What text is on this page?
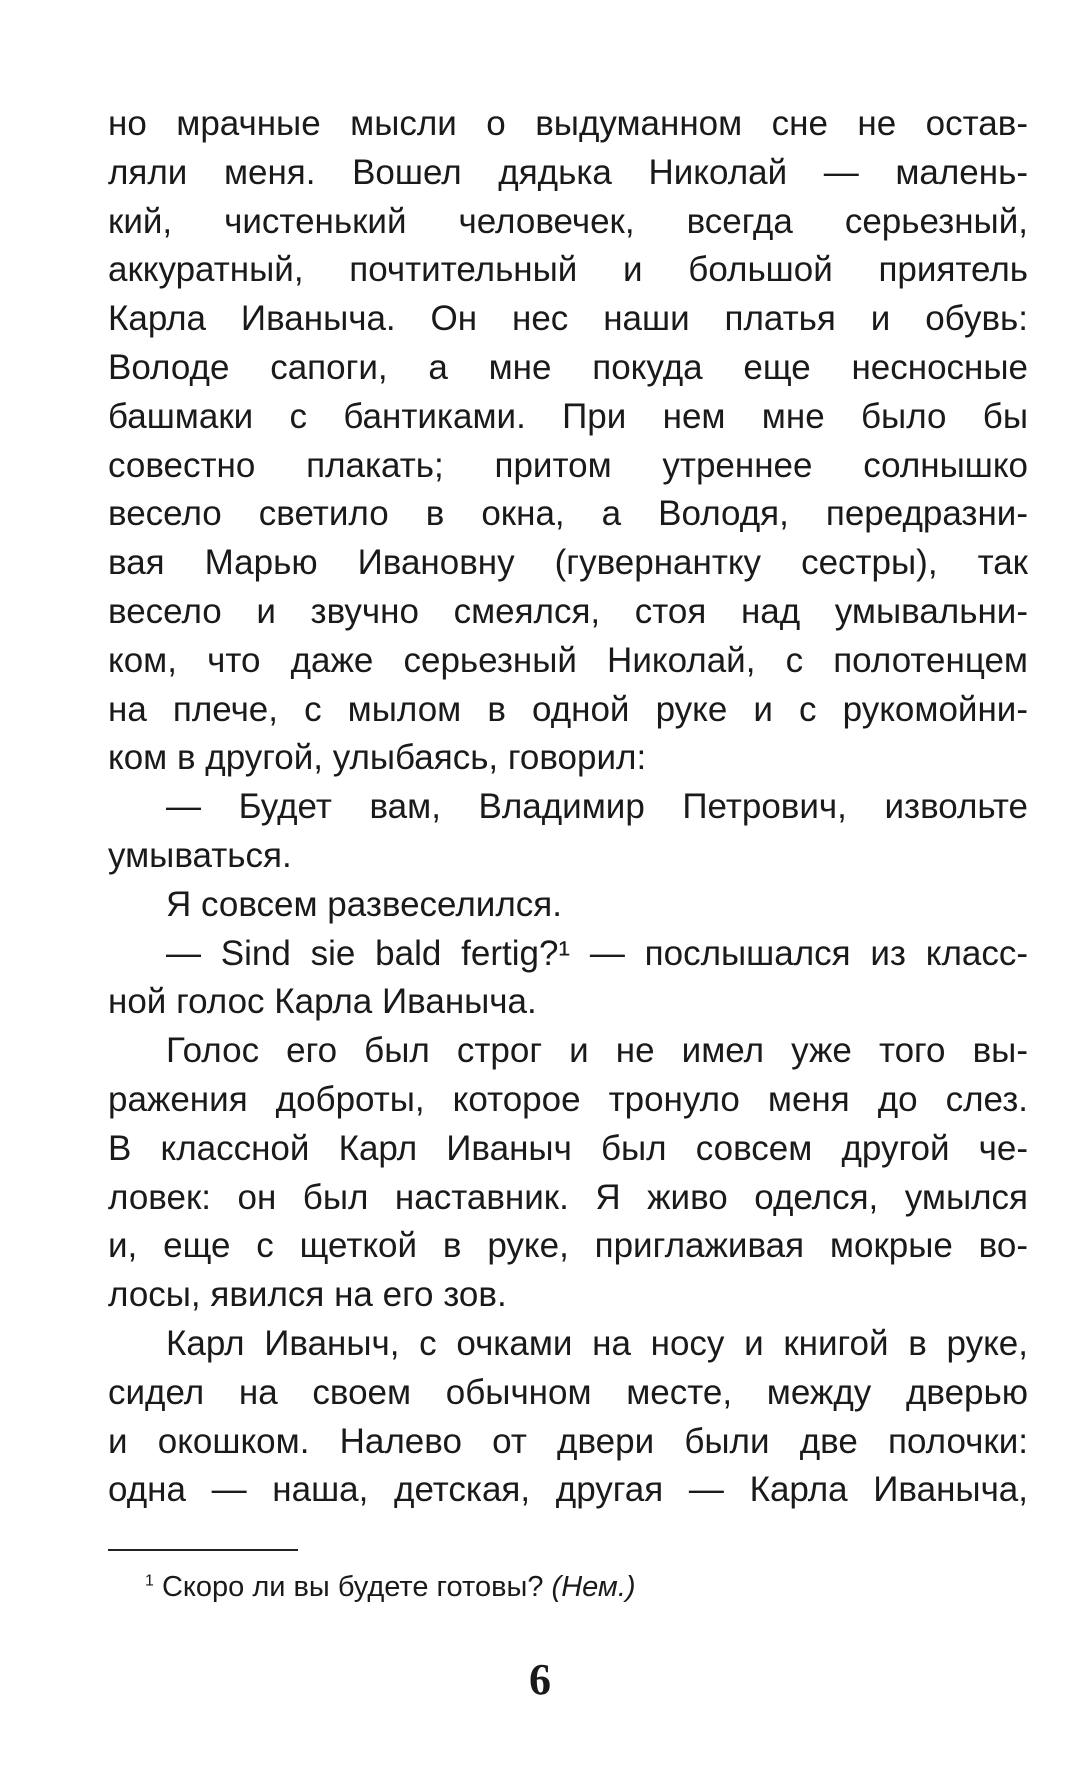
но мрачные мысли о выдуманном сне не остав-
ляли меня. Вошел дядька Николай — малень-
кий, чистенький человечек, всегда серьезный,
аккуратный, почтительный и большой приятель
Карла Иваныча. Он нес наши платья и обувь:
Володе сапоги, а мне покуда еще несносные
башмаки с бантиками. При нем мне было бы
совестно плакать; притом утреннее солнышко
весело светило в окна, а Володя, передразни-
вая Марью Ивановну (гувернантку сестры), так
весело и звучно смеялся, стоя над умывальни-
ком, что даже серьезный Николай, с полотенцем
на плече, с мылом в одной руке и с рукомойни-
ком в другой, улыбаясь, говорил:
— Будет вам, Владимир Петрович, извольте
умываться.
Я совсем развеселился.
— Sind sie bald fertig?¹ — послышался из класс-
ной голос Карла Иваныча.
Голос его был строг и не имел уже того вы-
ражения доброты, которое тронуло меня до слез.
В классной Карл Иваныч был совсем другой че-
ловек: он был наставник. Я живо оделся, умылся
и, еще с щеткой в руке, приглаживая мокрые во-
лосы, явился на его зов.
Карл Иваныч, с очками на носу и книгой в руке,
сидел на своем обычном месте, между дверью
и окошком. Налево от двери были две полочки:
одна — наша, детская, другая — Карла Иваныча,
$^1$ Скоро ли вы будете готовы? (Нем.)
6
